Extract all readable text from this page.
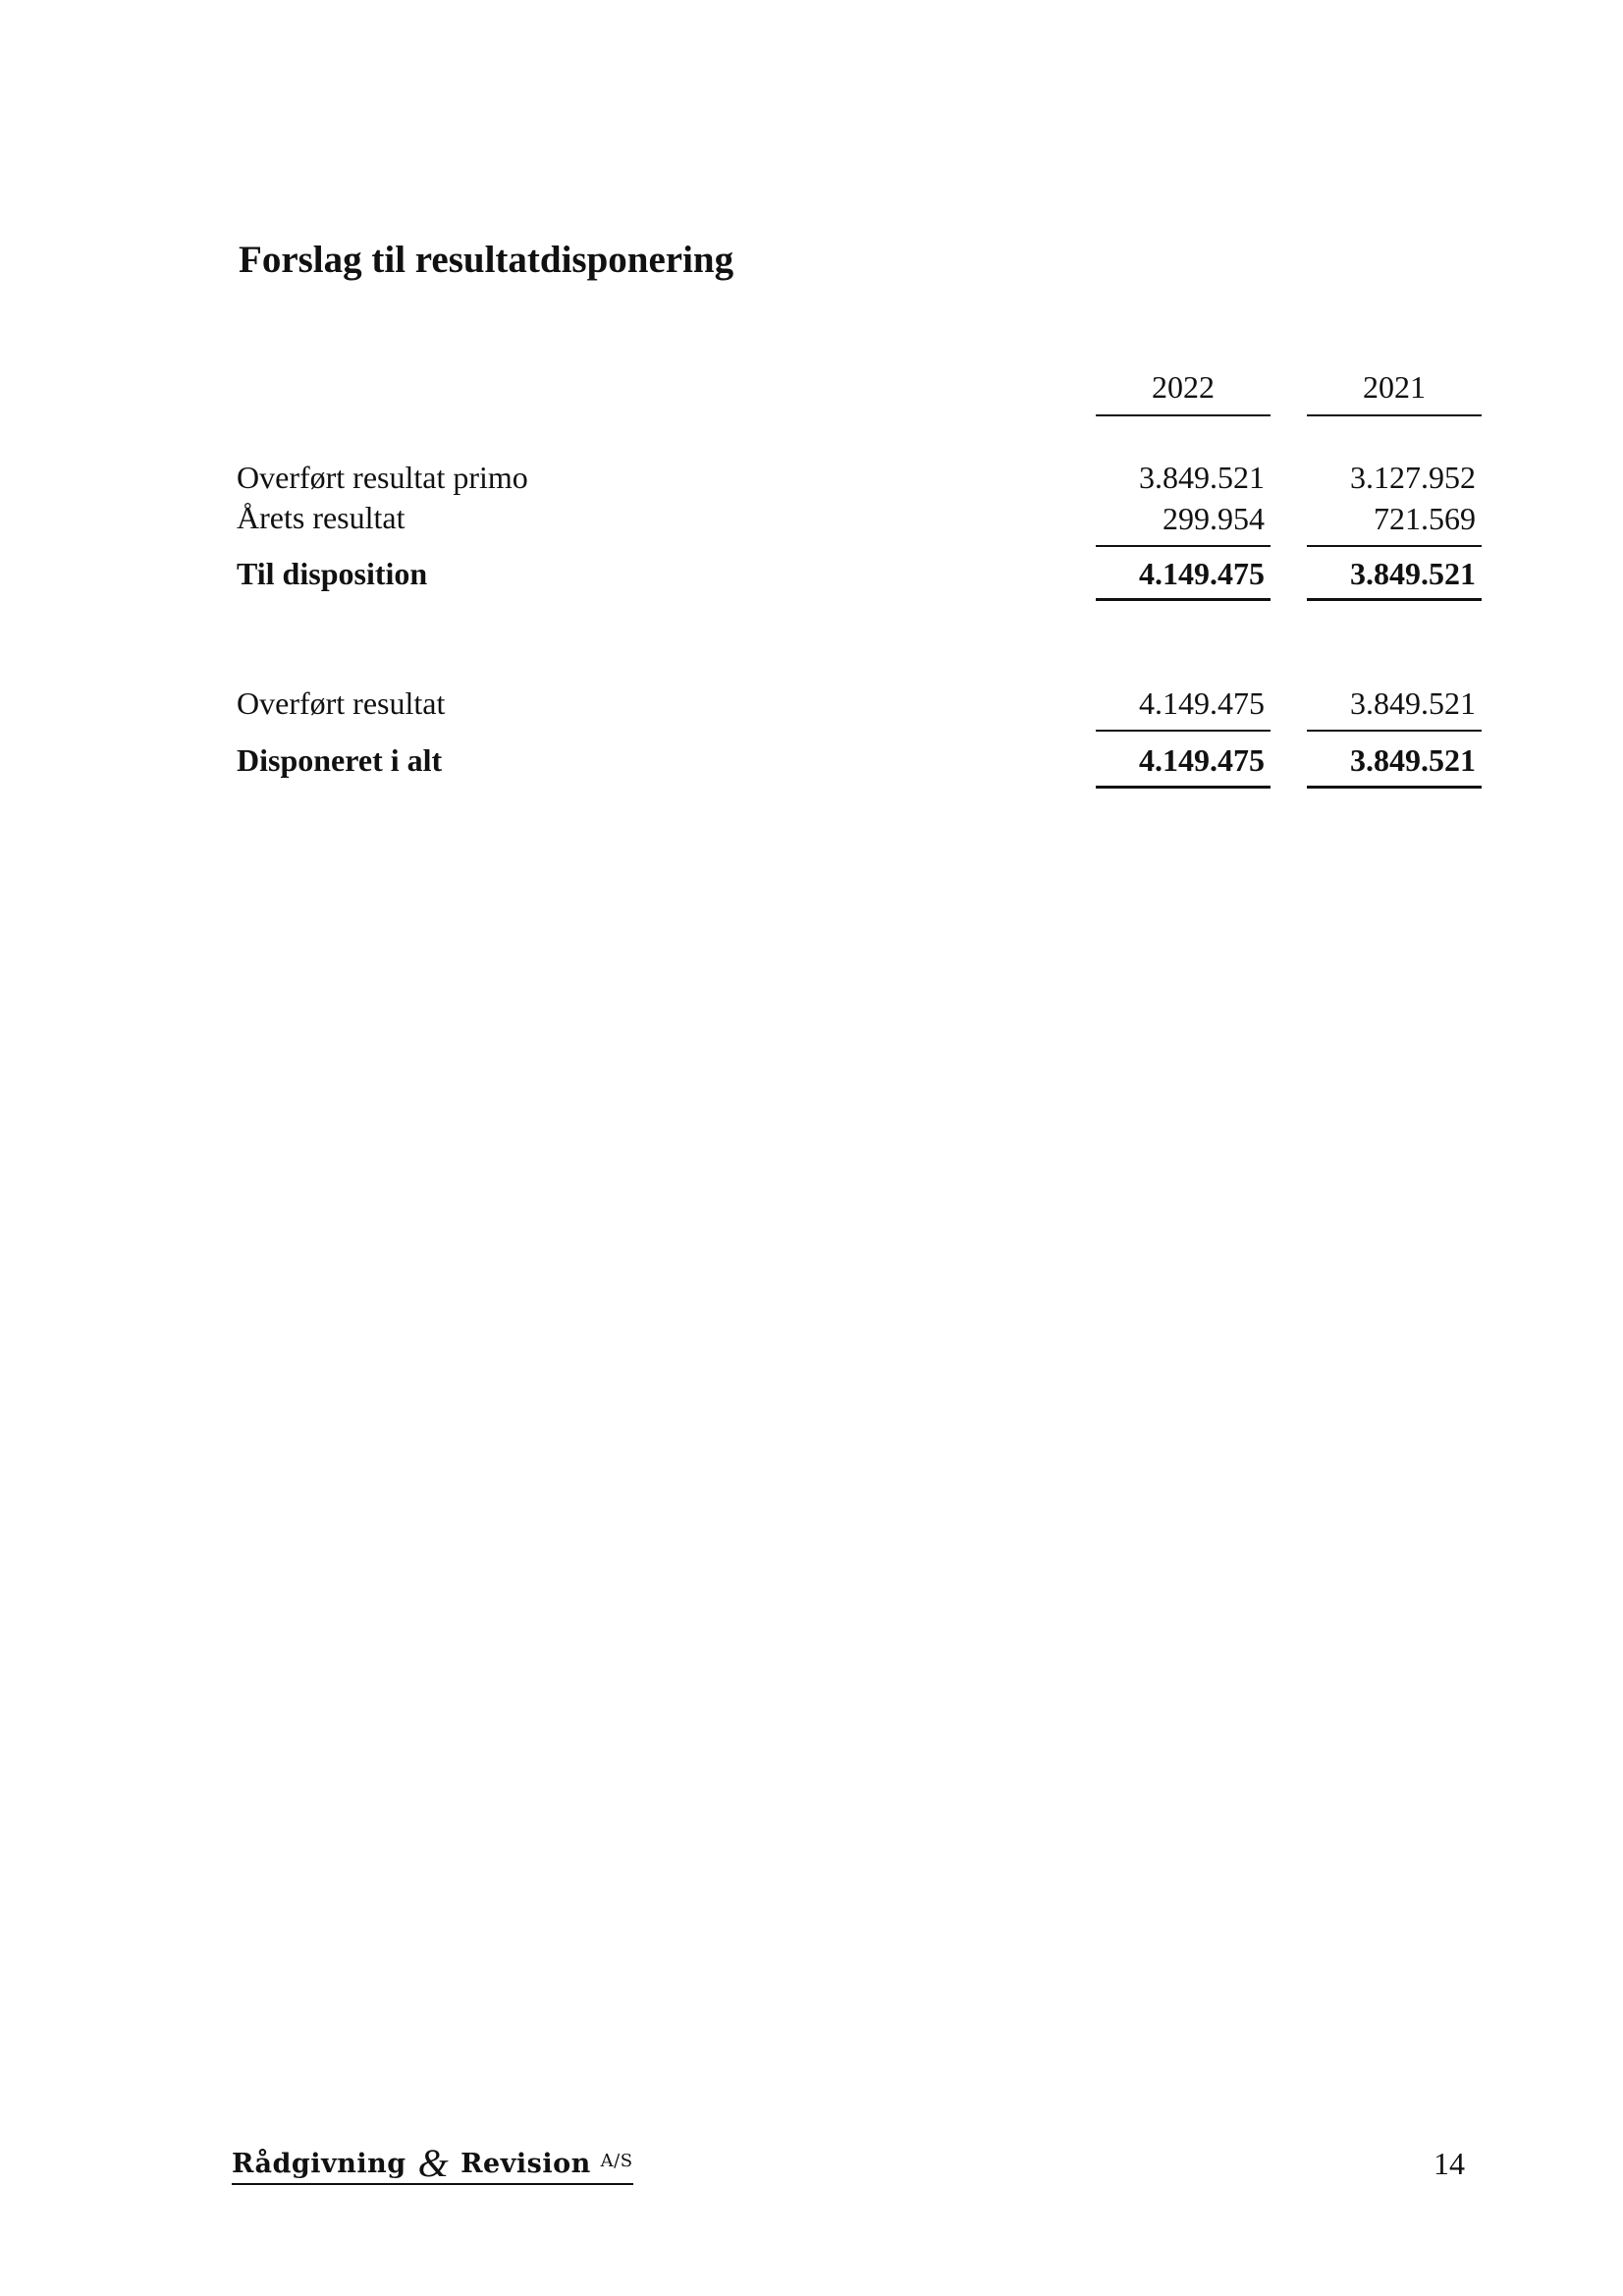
Forslag til resultatdisponering
2022	2021
Overført resultat primo	3.849.521	3.127.952
Årets resultat	299.954	721.569
Til disposition	4.149.475	3.849.521
Overført resultat	4.149.475	3.849.521
Disponeret i alt	4.149.475	3.849.521
Rådgivning & Revision $^{A/S}$	14
